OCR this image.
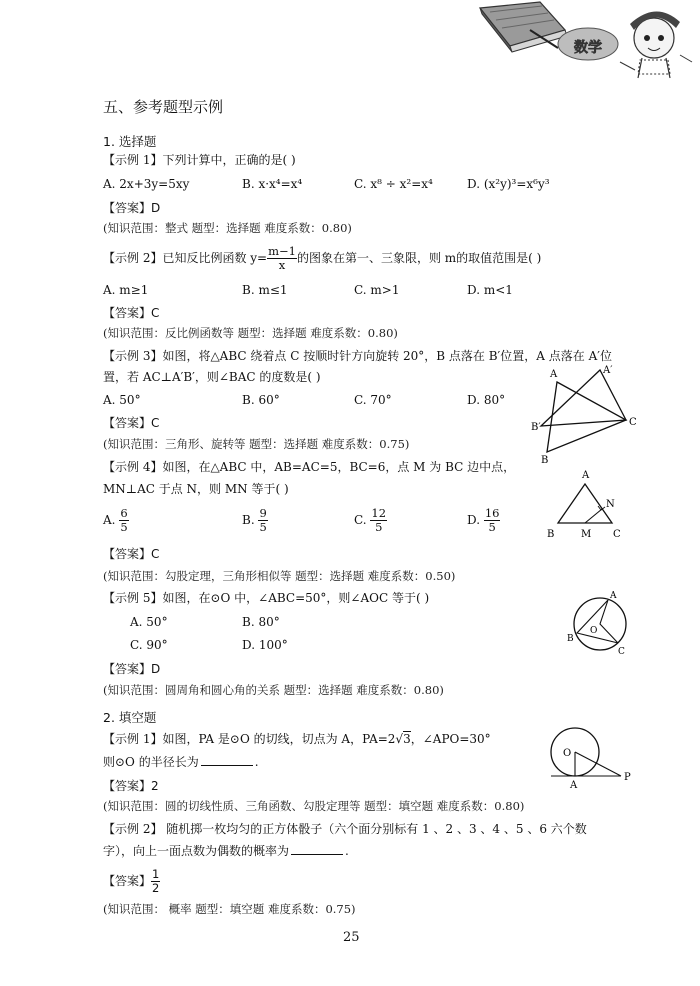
数学
五、参考题型示例
1. 选择题
【示例 1】下列计算中，正确的是( )
A. 2x+3y=5xy	B. x·x⁴=x⁴	C. x⁸ ÷ x²=x⁴	D. (x²y)³=x⁶y³
【答案】D
(知识范围：整式 题型：选择题 难度系数：0.80)
【示例 2】已知反比例函数 $y= \frac{m-1}{x}$ 的图象在第一、三象限，则 m的取值范围是( )
A. m≥1	B. m≤1	C. m>1	D. m<1
【答案】C
(知识范围：反比例函数等 题型：选择题 难度系数：0.80)
【示例 3】如图，将△ABC 绕着点 C 按顺时针方向旋转 20°，B 点落在 B′位置，A 点落在 A′位
置，若 AC⊥A′B′，则∠BAC 的度数是( )
A. 50°	B. 60°	C. 70°	D. 80°
【答案】C
(知识范围：三角形、旋转等 题型：选择题 难度系数：0.75)
A	A′
B′
B
C
【示例 4】如图，在△ABC 中，AB=AC=5，BC=6，点 M 为 BC 边中点，
MN⊥AC 于点 N，则 MN 等于( )
A. $\frac{6}{5}$	B. $\frac{9}{5}$	C. $\frac{12}{5}$	D. $\frac{16}{5}$
【答案】C
(知识范围：勾股定理，三角形相似等 题型：选择题 难度系数：0.50)
A
N
B	M C
【示例 5】如图，在⊙O 中，∠ABC=50°，则∠AOC 等于( )
A. 50°	B. 80°
C. 90°	D. 100°
【答案】D
(知识范围：圆周角和圆心角的关系 题型：选择题 难度系数：0.80)
A
B
O
C
2. 填空题
【示例 1】如图，PA 是⊙O 的切线，切点为 A，PA=2√3，∠APO=30°
则⊙O 的半径长为	.
【答案】2
(知识范围：圆的切线性质、三角函数、勾股定理等 题型：填空题 难度系数：0.80)
O
A
P
【示例 2】 随机掷一枚均匀的正方体骰子（六个面分别标有 1 、2 、3 、4 、5 、6 六个数
字），向上一面点数为偶数的概率为	.
【答案】 $\frac{1}{2}$
(知识范围： 概率 题型：填空题 难度系数：0.75)
25
